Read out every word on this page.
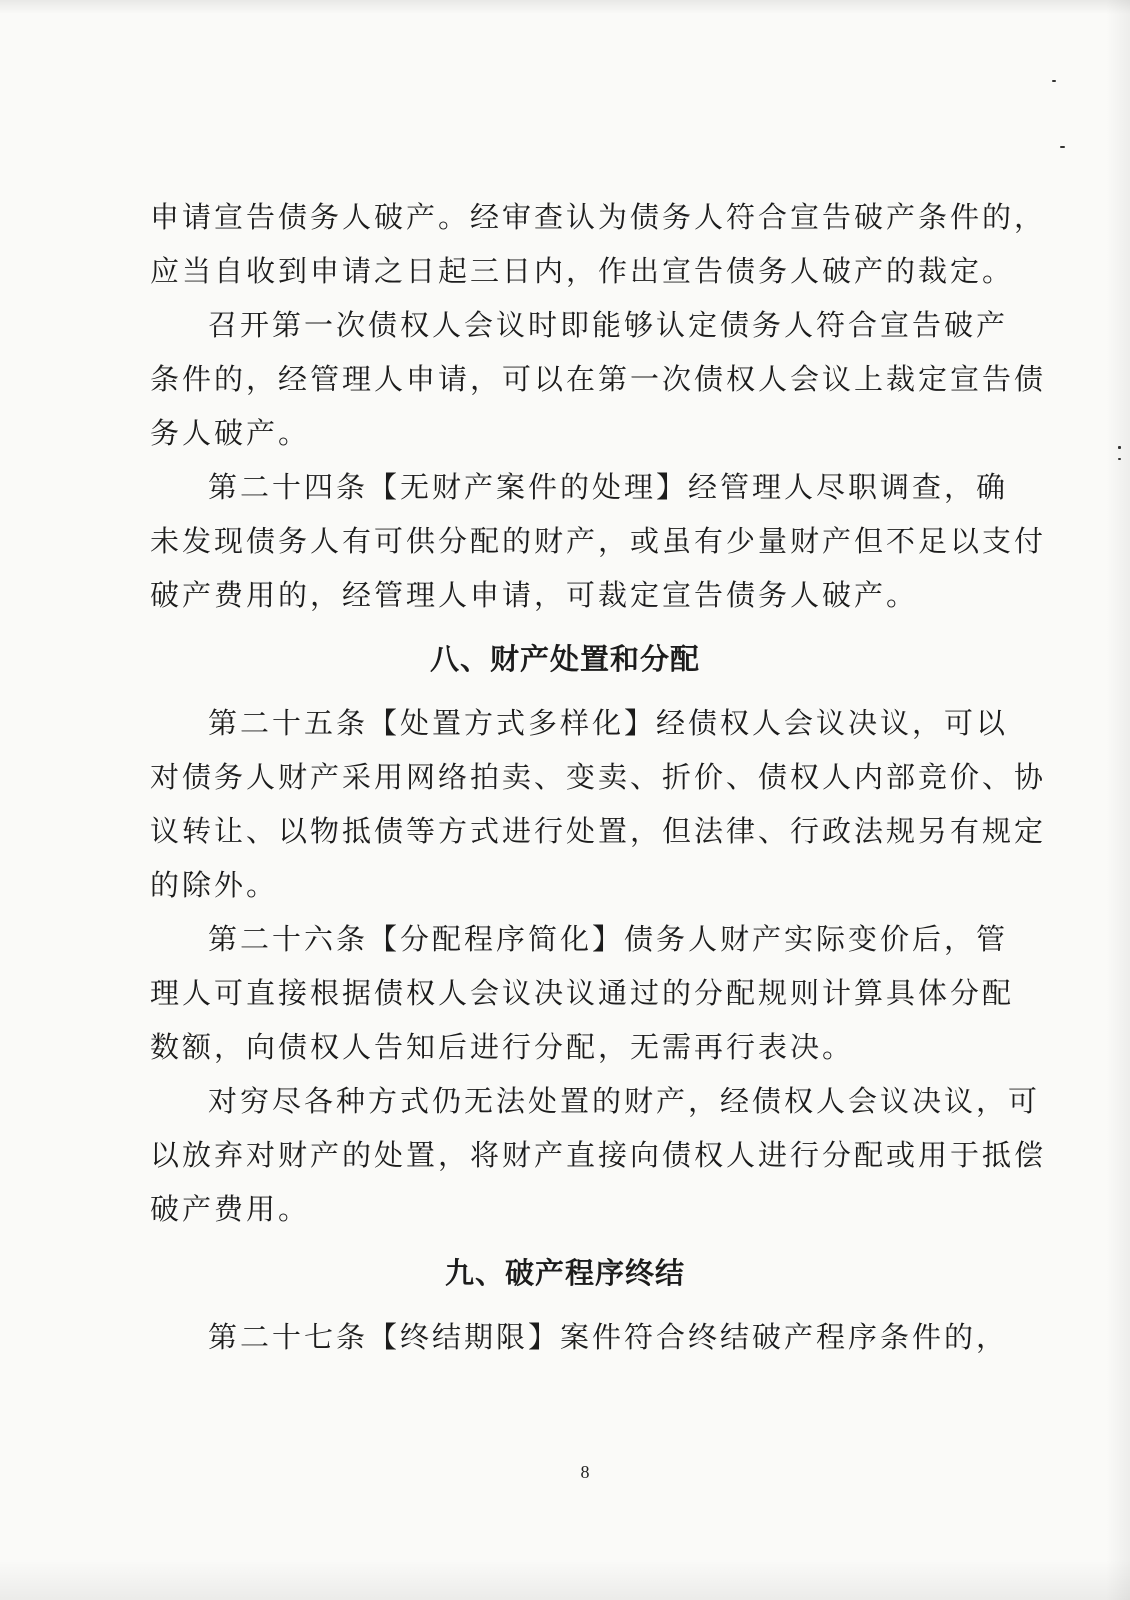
申请宣告债务人破产。经审查认为债务人符合宣告破产条件的，
应当自收到申请之日起三日内，作出宣告债务人破产的裁定。
召开第一次债权人会议时即能够认定债务人符合宣告破产
条件的，经管理人申请，可以在第一次债权人会议上裁定宣告债
务人破产。
第二十四条【无财产案件的处理】经管理人尽职调查，确
未发现债务人有可供分配的财产，或虽有少量财产但不足以支付
破产费用的，经管理人申请，可裁定宣告债务人破产。
八、财产处置和分配
第二十五条【处置方式多样化】经债权人会议决议，可以
对债务人财产采用网络拍卖、变卖、折价、债权人内部竞价、协
议转让、以物抵债等方式进行处置，但法律、行政法规另有规定
的除外。
第二十六条【分配程序简化】债务人财产实际变价后，管
理人可直接根据债权人会议决议通过的分配规则计算具体分配
数额，向债权人告知后进行分配，无需再行表决。
对穷尽各种方式仍无法处置的财产，经债权人会议决议，可
以放弃对财产的处置，将财产直接向债权人进行分配或用于抵偿
破产费用。
九、破产程序终结
第二十七条【终结期限】案件符合终结破产程序条件的，
8
